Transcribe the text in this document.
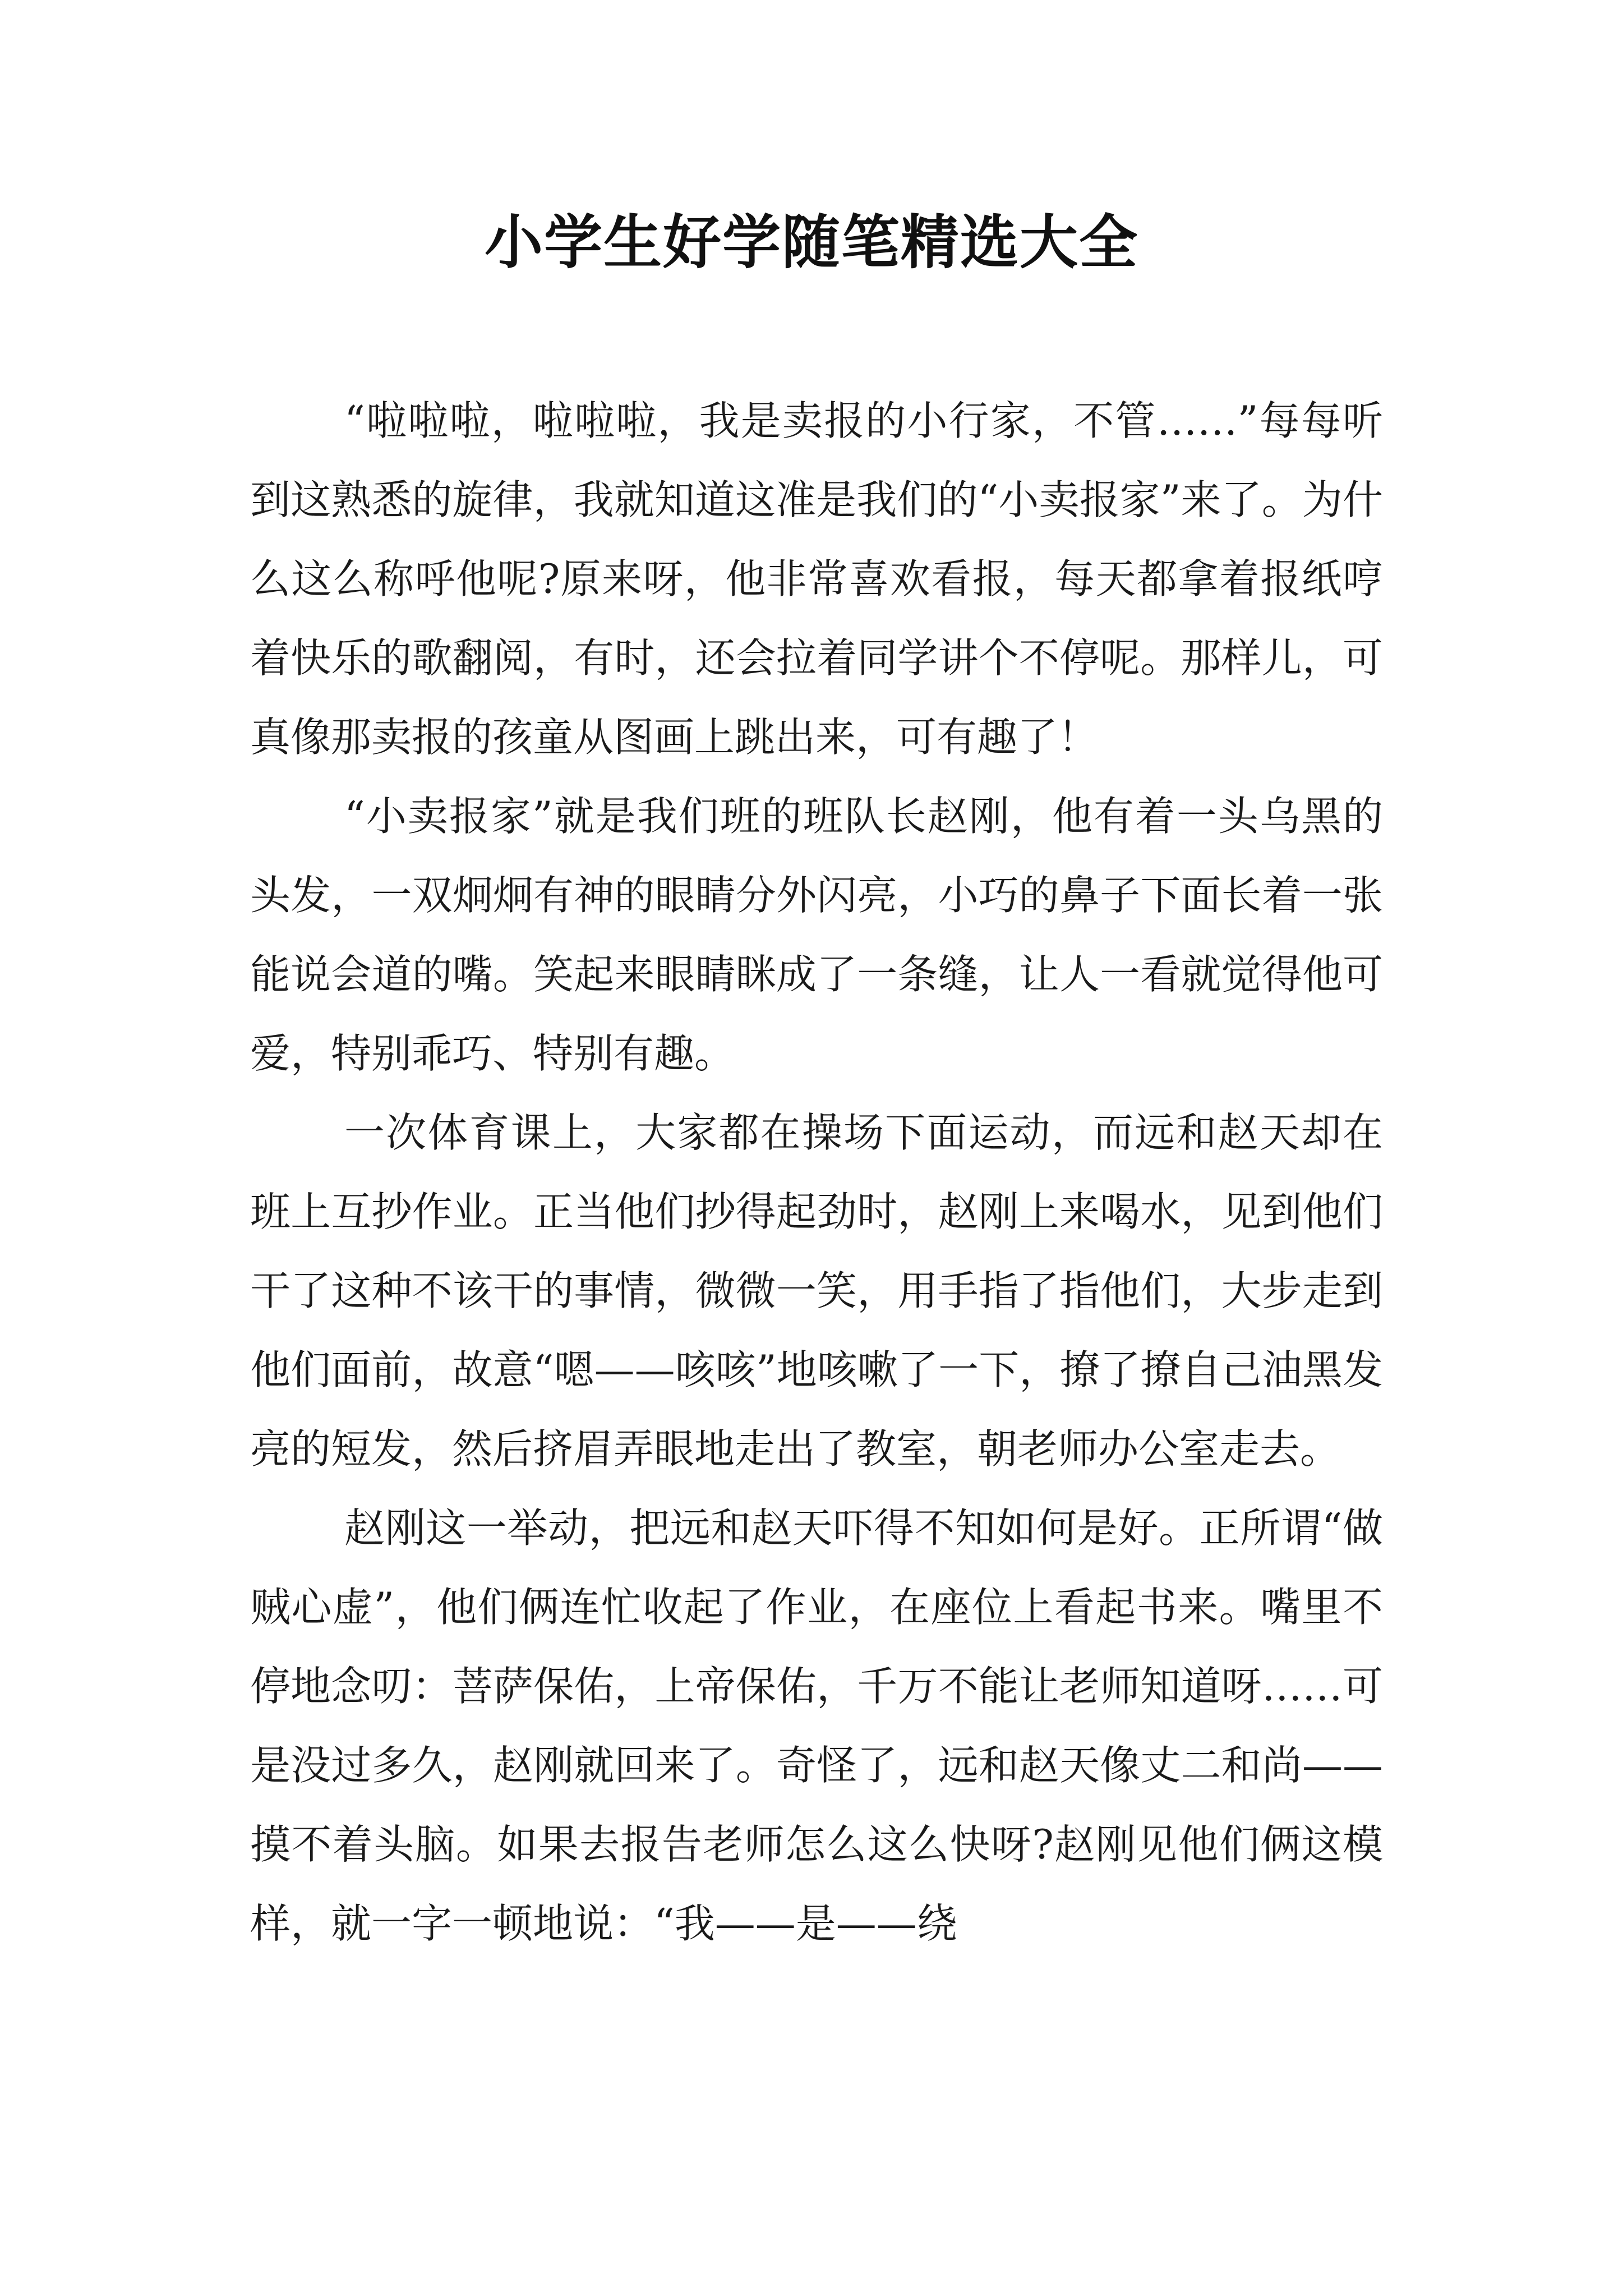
小学生好学随笔精选大全

“啦啦啦，啦啦啦，我是卖报的小行家，不管……”每每听到这熟悉的旋律，我就知道这准是我们的“小卖报家”来了。为什么这么称呼他呢?原来呀，他非常喜欢看报，每天都拿着报纸哼着快乐的歌翻阅，有时，还会拉着同学讲个不停呢。那样儿，可真像那卖报的孩童从图画上跳出来，可有趣了！

“小卖报家”就是我们班的班队长赵刚，他有着一头乌黑的头发，一双炯炯有神的眼睛分外闪亮，小巧的鼻子下面长着一张能说会道的嘴。笑起来眼睛眯成了一条缝，让人一看就觉得他可爱，特别乖巧、特别有趣。

一次体育课上，大家都在操场下面运动，而远和赵天却在班上互抄作业。正当他们抄得起劲时，赵刚上来喝水，见到他们干了这种不该干的事情，微微一笑，用手指了指他们，大步走到他们面前，故意“嗯——咳咳”地咳嗽了一下，撩了撩自己油黑发亮的短发，然后挤眉弄眼地走出了教室，朝老师办公室走去。

赵刚这一举动，把远和赵天吓得不知如何是好。正所谓“做贼心虚”，他们俩连忙收起了作业，在座位上看起书来。嘴里不停地念叨：菩萨保佑，上帝保佑，千万不能让老师知道呀……可是没过多久，赵刚就回来了。奇怪了，远和赵天像丈二和尚——摸不着头脑。如果去报告老师怎么这么快呀?赵刚见他们俩这模样，就一字一顿地说：“我——是——绕
